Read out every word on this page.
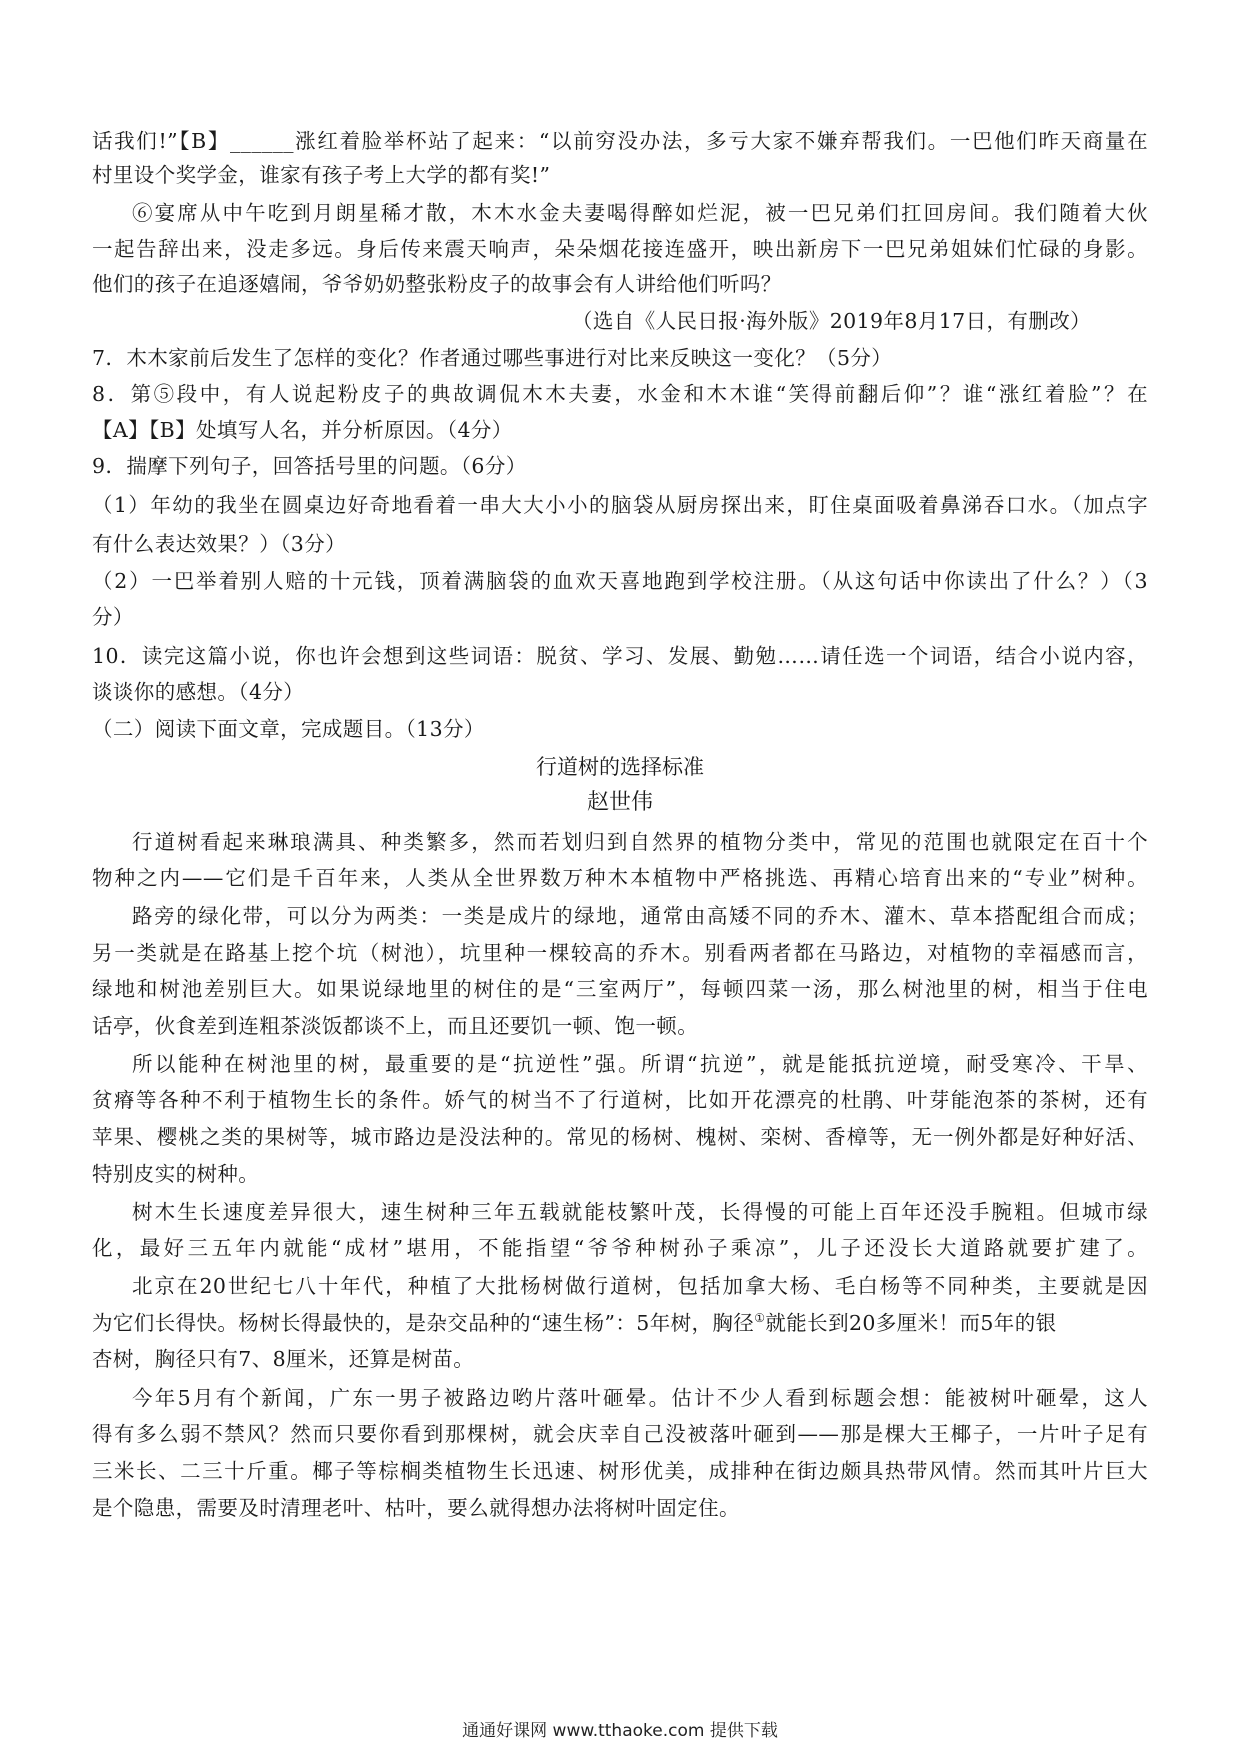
话我们!”【B】______涨红着脸举杯站了起来：“以前穷没办法，多亏大家不嫌弃帮我们。一巴他们昨天商量在
村里设个奖学金，谁家有孩子考上大学的都有奖!”
⑥宴席从中午吃到月朗星稀才散，木木水金夫妻喝得醉如烂泥，被一巴兄弟们扛回房间。我们随着大伙
一起告辞出来，没走多远。身后传来震天响声，朵朵烟花接连盛开，映出新房下一巴兄弟姐妹们忙碌的身影。
他们的孩子在追逐嬉闹，爷爷奶奶整张粉皮子的故事会有人讲给他们听吗？
（选自《人民日报·海外版》2019年8月17日，有删改）
7．木木家前后发生了怎样的变化？作者通过哪些事进行对比来反映这一变化？（5分）
8．第⑤段中，有人说起粉皮子的典故调侃木木夫妻，水金和木木谁“笑得前翻后仰”？谁“涨红着脸”？在
【A】【B】处填写人名，并分析原因。（4分）
9．揣摩下列句子，回答括号里的问题。（6分）
（1）年幼的我坐在圆桌边好奇地看着一串大大小小的脑袋从厨房探出来，盯住桌面吸着鼻涕吞口水。（加点字
有什么表达效果？）（3分）
（2）一巴举着别人赔的十元钱，顶着满脑袋的血欢天喜地跑到学校注册。（从这句话中你读出了什么？）（3
分）
10．读完这篇小说，你也许会想到这些词语：脱贫、学习、发展、勤勉……请任选一个词语，结合小说内容，
谈谈你的感想。（4分）
（二）阅读下面文章，完成题目。（13分）
行道树的选择标准
赵世伟
行道树看起来琳琅满具、种类繁多，然而若划归到自然界的植物分类中，常见的范围也就限定在百十个
物种之内——它们是千百年来，人类从全世界数万种木本植物中严格挑选、再精心培育出来的“专业”树种。
路旁的绿化带，可以分为两类：一类是成片的绿地，通常由高矮不同的乔木、灌木、草本搭配组合而成；
另一类就是在路基上挖个坑（树池），坑里种一棵较高的乔木。别看两者都在马路边，对植物的幸福感而言，
绿地和树池差别巨大。如果说绿地里的树住的是“三室两厅”，每顿四菜一汤，那么树池里的树，相当于住电
话亭，伙食差到连粗茶淡饭都谈不上，而且还要饥一顿、饱一顿。
所以能种在树池里的树，最重要的是“抗逆性”强。所谓“抗逆”，就是能抵抗逆境，耐受寒冷、干旱、
贫瘠等各种不利于植物生长的条件。娇气的树当不了行道树，比如开花漂亮的杜鹃、叶芽能泡茶的茶树，还有
苹果、樱桃之类的果树等，城市路边是没法种的。常见的杨树、槐树、栾树、香樟等，无一例外都是好种好活、
特别皮实的树种。
树木生长速度差异很大，速生树种三年五载就能枝繁叶茂，长得慢的可能上百年还没手腕粗。但城市绿
化，最好三五年内就能“成材”堪用，不能指望“爷爷种树孙子乘凉”，儿子还没长大道路就要扩建了。
北京在20世纪七八十年代，种植了大批杨树做行道树，包括加拿大杨、毛白杨等不同种类，主要就是因
为它们长得快。杨树长得最快的，是杂交品种的“速生杨”：5年树，胸径①就能长到20多厘米！而5年的银
杏树，胸径只有7、8厘米，还算是树苗。
今年5月有个新闻，广东一男子被路边哟片落叶砸晕。估计不少人看到标题会想：能被树叶砸晕，这人
得有多么弱不禁风？然而只要你看到那棵树，就会庆幸自己没被落叶砸到——那是棵大王椰子，一片叶子足有
三米长、二三十斤重。椰子等棕榈类植物生长迅速、树形优美，成排种在街边颇具热带风情。然而其叶片巨大
是个隐患，需要及时清理老叶、枯叶，要么就得想办法将树叶固定住。
通通好课网 www.tthaoke.com 提供下载
